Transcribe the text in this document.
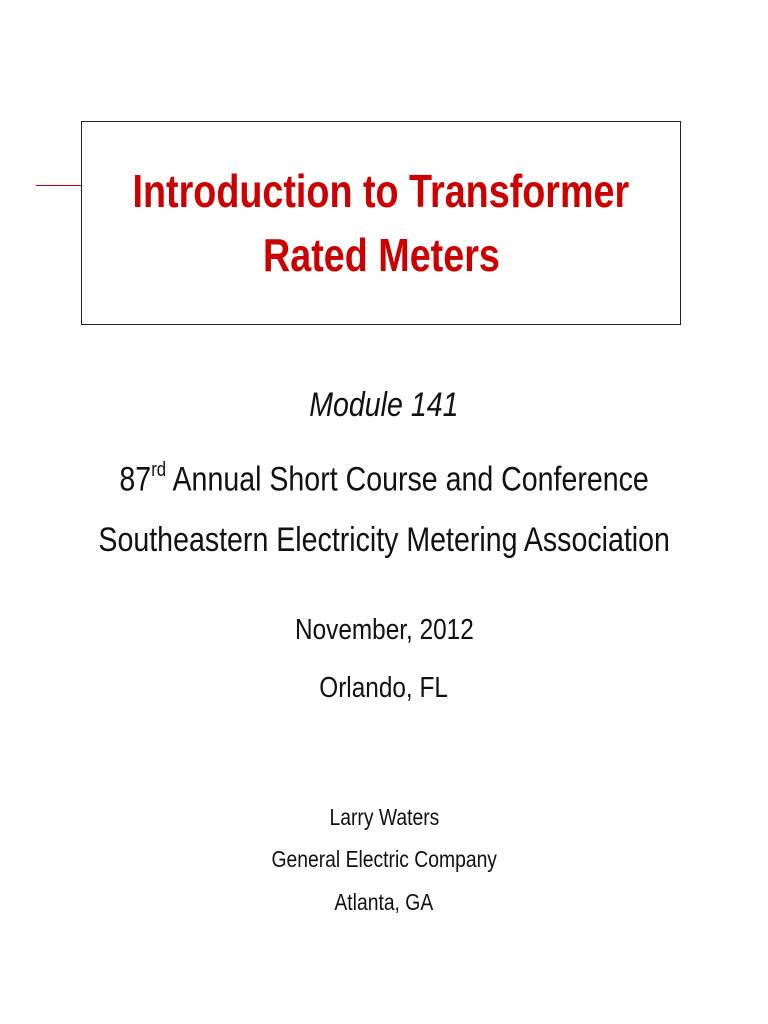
Introduction to Transformer
Rated Meters
Module 141
87rd Annual Short Course and Conference
Southeastern Electricity Metering Association
November, 2012
Orlando, FL
Larry Waters
General Electric Company
Atlanta, GA
